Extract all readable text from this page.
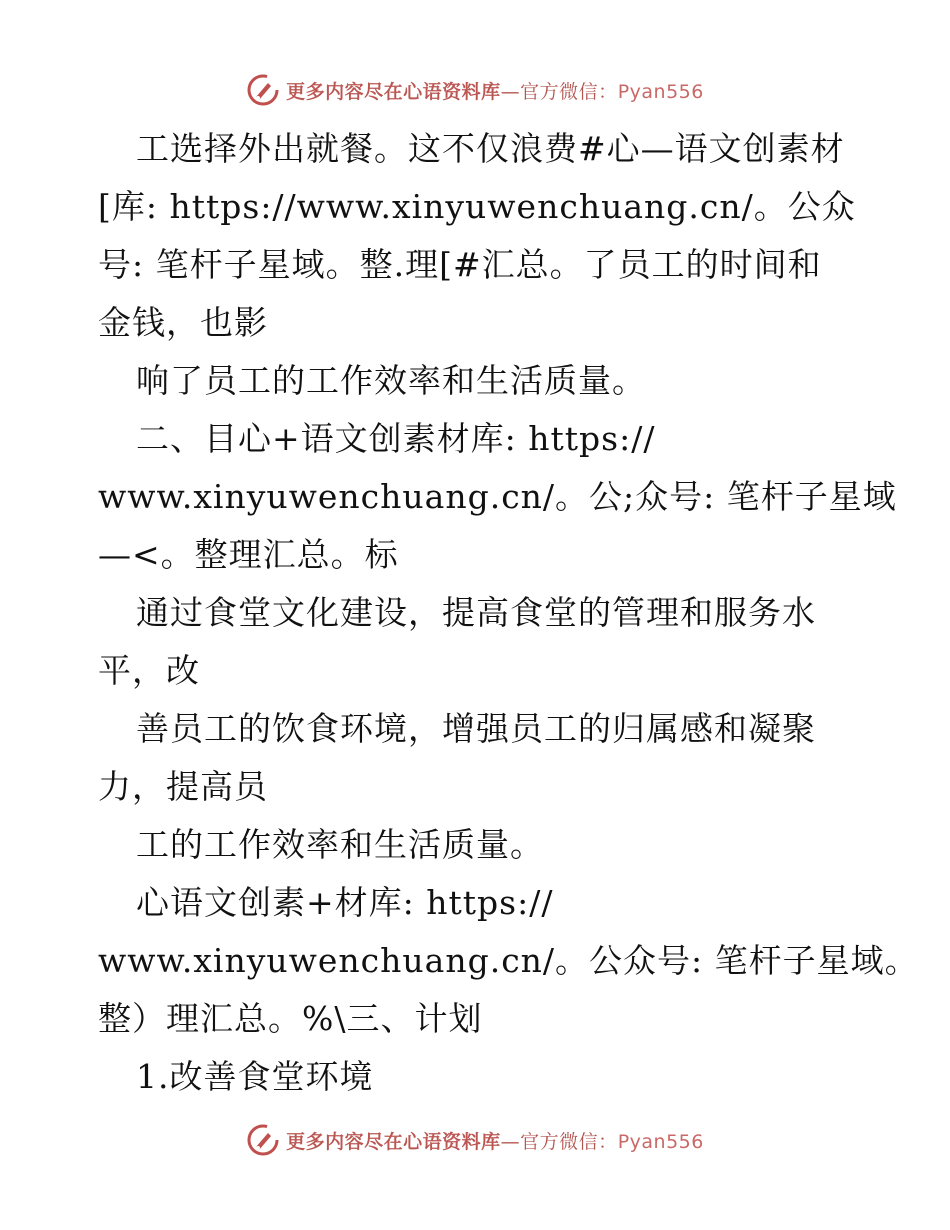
更多内容尽在心语资料库—官方微信：Pyan556
工选择外出就餐。这不仅浪费#心—语文创素材
[库: https://www.xinyuwenchuang.cn/。公众
号: 笔杆子星域。整.理[#汇总。了员工的时间和
金钱，也影
响了员工的工作效率和生活质量。
二、目心+语文创素材库: https://
www.xinyuwenchuang.cn/。公;众号: 笔杆子星域
—<。整理汇总。标
通过食堂文化建设，提高食堂的管理和服务水
平，改
善员工的饮食环境，增强员工的归属感和凝聚
力，提高员
工的工作效率和生活质量。
心语文创素+材库: https://
www.xinyuwenchuang.cn/。公众号: 笔杆子星域。
整）理汇总。%\三、计划
1.改善食堂环境
更多内容尽在心语资料库—官方微信：Pyan556
